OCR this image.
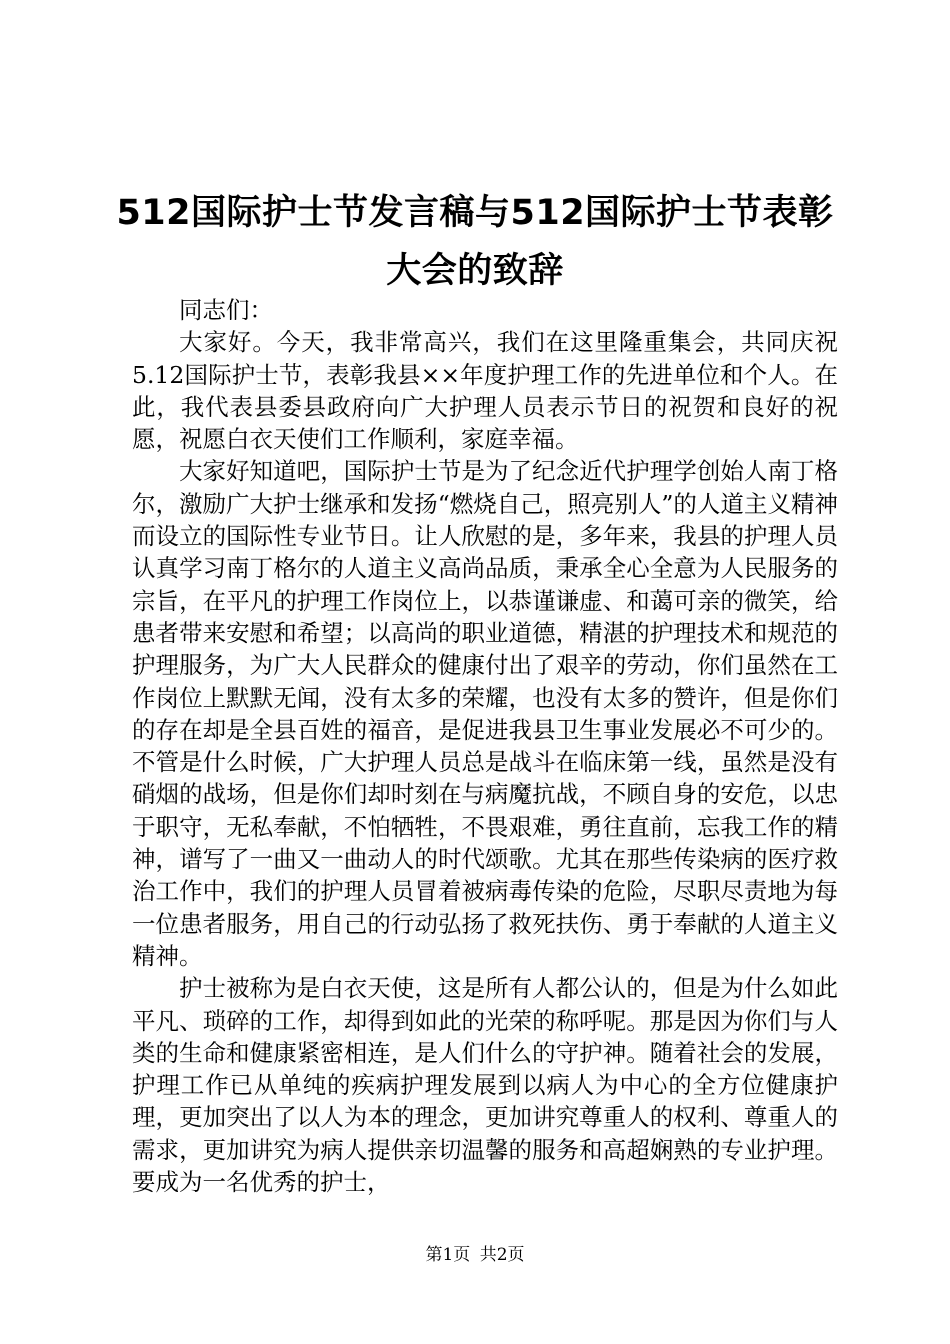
512国际护士节发言稿与512国际护士节表彰
大会的致辞

同志们：

大家好。今天，我非常高兴，我们在这里隆重集会，共同庆祝5.12国际护士节，表彰我县××年度护理工作的先进单位和个人。在此，我代表县委县政府向广大护理人员表示节日的祝贺和良好的祝愿，祝愿白衣天使们工作顺利，家庭幸福。

大家好知道吧，国际护士节是为了纪念近代护理学创始人南丁格尔，激励广大护士继承和发扬“燃烧自己，照亮别人”的人道主义精神而设立的国际性专业节日。让人欣慰的是，多年来，我县的护理人员认真学习南丁格尔的人道主义高尚品质，秉承全心全意为人民服务的宗旨，在平凡的护理工作岗位上，以恭谨谦虚、和蔼可亲的微笑，给患者带来安慰和希望；以高尚的职业道德，精湛的护理技术和规范的护理服务，为广大人民群众的健康付出了艰辛的劳动，你们虽然在工作岗位上默默无闻，没有太多的荣耀，也没有太多的赞许，但是你们的存在却是全县百姓的福音，是促进我县卫生事业发展必不可少的。不管是什么时候，广大护理人员总是战斗在临床第一线，虽然是没有硝烟的战场，但是你们却时刻在与病魔抗战，不顾自身的安危，以忠于职守，无私奉献，不怕牺牲，不畏艰难，勇往直前，忘我工作的精神，谱写了一曲又一曲动人的时代颂歌。尤其在那些传染病的医疗救治工作中，我们的护理人员冒着被病毒传染的危险，尽职尽责地为每一位患者服务，用自己的行动弘扬了救死扶伤、勇于奉献的人道主义精神。

护士被称为是白衣天使，这是所有人都公认的，但是为什么如此平凡、琐碎的工作，却得到如此的光荣的称呼呢。那是因为你们与人类的生命和健康紧密相连，是人们什么的守护神。随着社会的发展，护理工作已从单纯的疾病护理发展到以病人为中心的全方位健康护理，更加突出了以人为本的理念，更加讲究尊重人的权利、尊重人的需求，更加讲究为病人提供亲切温馨的服务和高超娴熟的专业护理。要成为一名优秀的护士，

第1页 共2页
